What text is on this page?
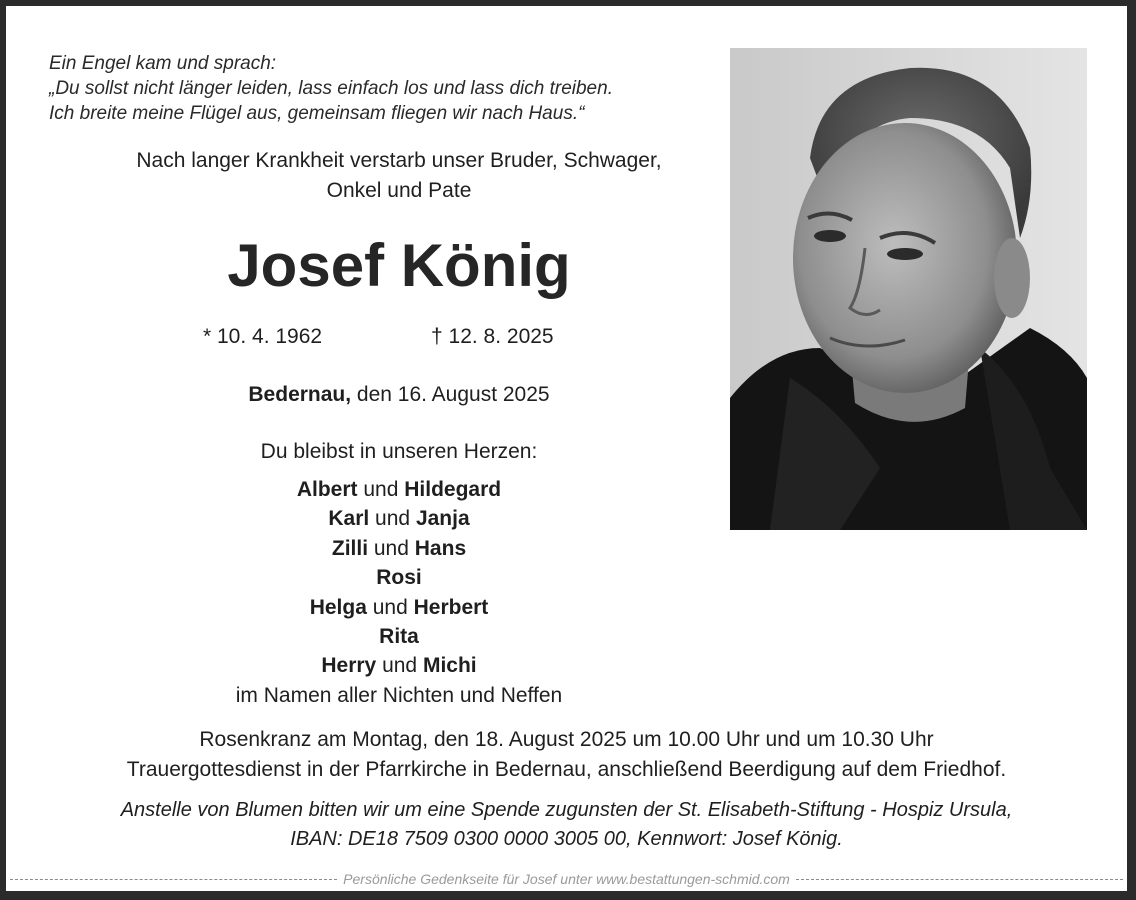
Ein Engel kam und sprach:
„Du sollst nicht länger leiden, lass einfach los und lass dich treiben.
Ich breite meine Flügel aus, gemeinsam fliegen wir nach Haus.“
Nach langer Krankheit verstarb unser Bruder, Schwager,
Onkel und Pate
Josef König
* 10. 4. 1962	† 12. 8. 2025
Bedernau, den 16. August 2025
Du bleibst in unseren Herzen:
Albert und Hildegard
Karl und Janja
Zilli und Hans
Rosi
Helga und Herbert
Rita
Herry und Michi
im Namen aller Nichten und Neffen
Rosenkranz am Montag, den 18. August 2025 um 10.00 Uhr und um 10.30 Uhr
Trauergottesdienst in der Pfarrkirche in Bedernau, anschließend Beerdigung auf dem Friedhof.
Anstelle von Blumen bitten wir um eine Spende zugunsten der St. Elisabeth-Stiftung - Hospiz Ursula,
IBAN: DE18 7509 0300 0000 3005 00, Kennwort: Josef König.
Persönliche Gedenkseite für Josef unter www.bestattungen-schmid.com
